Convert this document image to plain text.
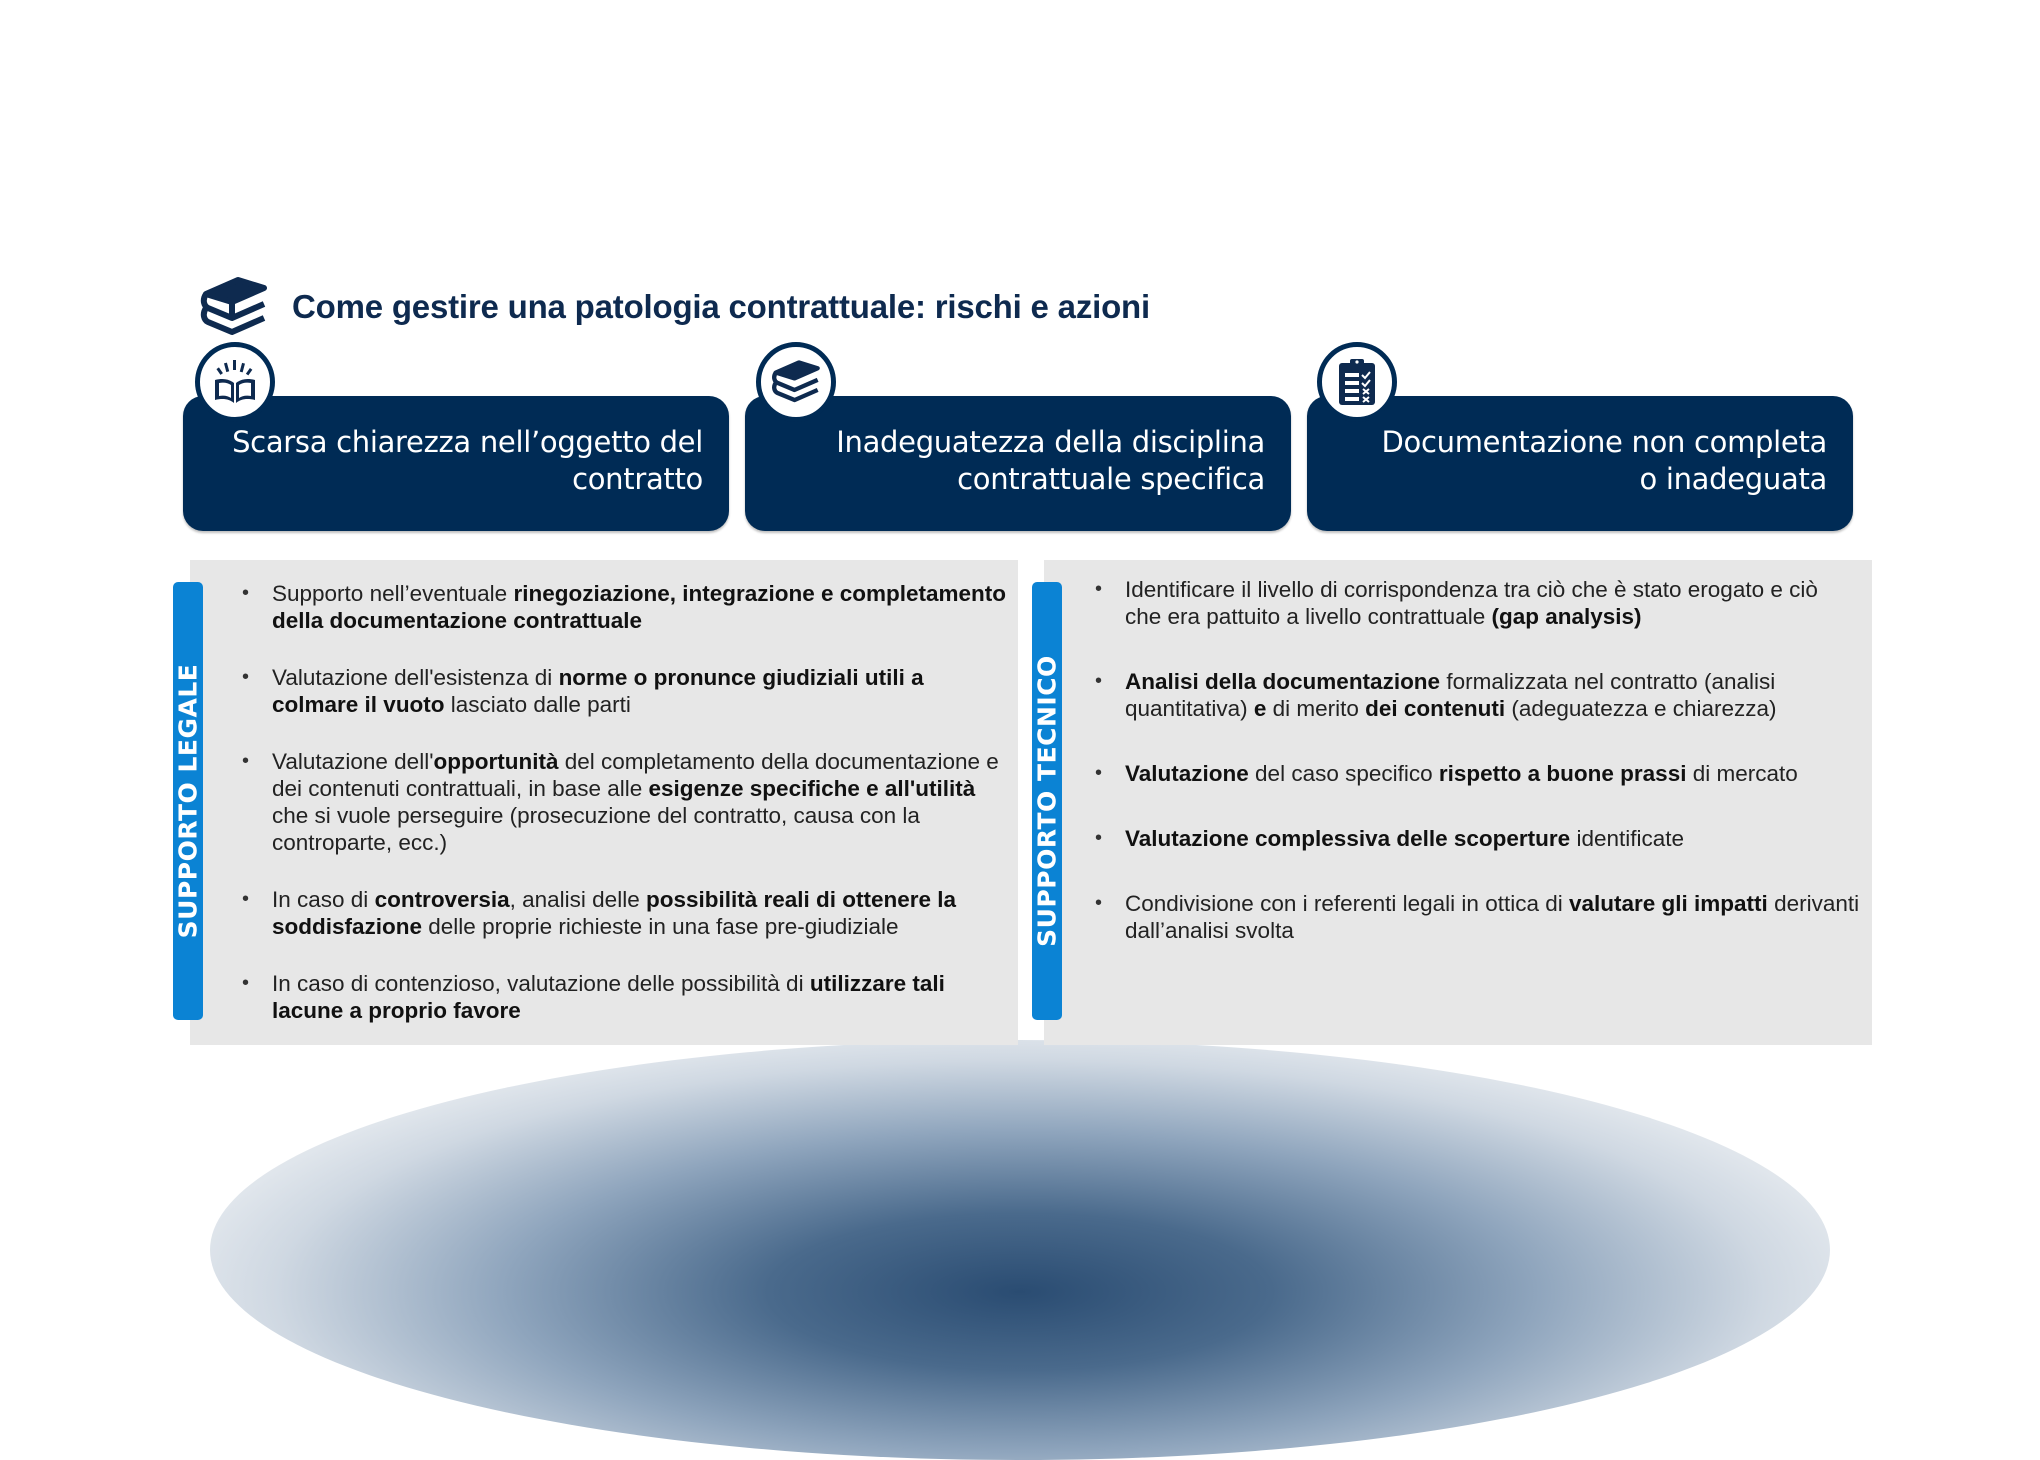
Come gestire una patologia contrattuale: rischi e azioni
Scarsa chiarezza nell’oggetto del
contratto
Inadeguatezza della disciplina
contrattuale specifica
Documentazione non completa
o inadeguata
SUPPORTO LEGALE
• Supporto nell’eventuale rinegoziazione, integrazione e completamento della documentazione contrattuale
• Valutazione dell'esistenza di norme o pronunce giudiziali utili a colmare il vuoto lasciato dalle parti
• Valutazione dell'opportunità del completamento della documentazione e dei contenuti contrattuali, in base alle esigenze specifiche e all'utilità che si vuole perseguire (prosecuzione del contratto, causa con la controparte, ecc.)
• In caso di controversia, analisi delle possibilità reali di ottenere la soddisfazione delle proprie richieste in una fase pre-giudiziale
• In caso di contenzioso, valutazione delle possibilità di utilizzare tali lacune a proprio favore
SUPPORTO TECNICO
• Identificare il livello di corrispondenza tra ciò che è stato erogato e ciò che era pattuito a livello contrattuale (gap analysis)
• Analisi della documentazione formalizzata nel contratto (analisi quantitativa) e di merito dei contenuti (adeguatezza e chiarezza)
• Valutazione del caso specifico rispetto a buone prassi di mercato
• Valutazione complessiva delle scoperture identificate
• Condivisione con i referenti legali in ottica di valutare gli impatti derivanti dall’analisi svolta
